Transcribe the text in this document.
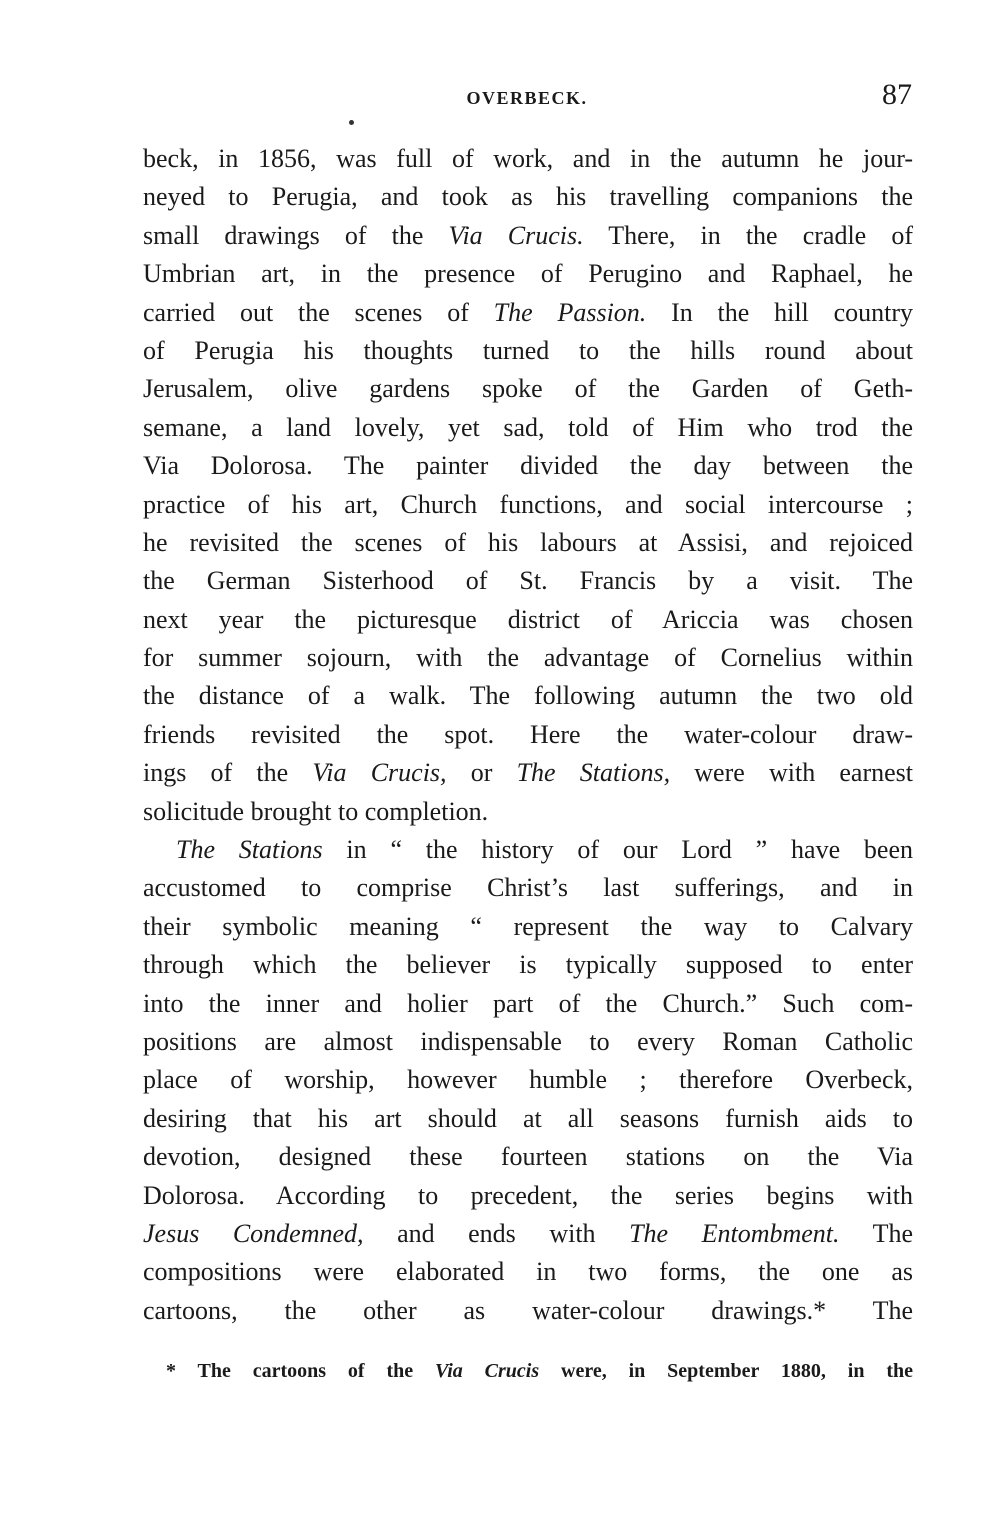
OVERBECK.	87
beck, in 1856, was full of work, and in the autumn he jour-
neyed to Perugia, and took as his travelling companions the
small drawings of the Via Crucis. There, in the cradle of
Umbrian art, in the presence of Perugino and Raphael, he
carried out the scenes of The Passion. In the hill country
of Perugia his thoughts turned to the hills round about
Jerusalem, olive gardens spoke of the Garden of Geth-
semane, a land lovely, yet sad, told of Him who trod the
Via Dolorosa. The painter divided the day between the
practice of his art, Church functions, and social intercourse ;
he revisited the scenes of his labours at Assisi, and rejoiced
the German Sisterhood of St. Francis by a visit. The
next year the picturesque district of Ariccia was chosen
for summer sojourn, with the advantage of Cornelius within
the distance of a walk. The following autumn the two old
friends revisited the spot. Here the water-colour draw-
ings of the Via Crucis, or The Stations, were with earnest
solicitude brought to completion.
The Stations in “ the history of our Lord ” have been
accustomed to comprise Christ’s last sufferings, and in
their symbolic meaning “ represent the way to Calvary
through which the believer is typically supposed to enter
into the inner and holier part of the Church.” Such com-
positions are almost indispensable to every Roman Catholic
place of worship, however humble ; therefore Overbeck,
desiring that his art should at all seasons furnish aids to
devotion, designed these fourteen stations on the Via
Dolorosa. According to precedent, the series begins with
Jesus Condemned, and ends with The Entombment. The
compositions were elaborated in two forms, the one as
cartoons, the other as water-colour drawings.* The
* The cartoons of the Via Crucis were, in September 1880, in the
